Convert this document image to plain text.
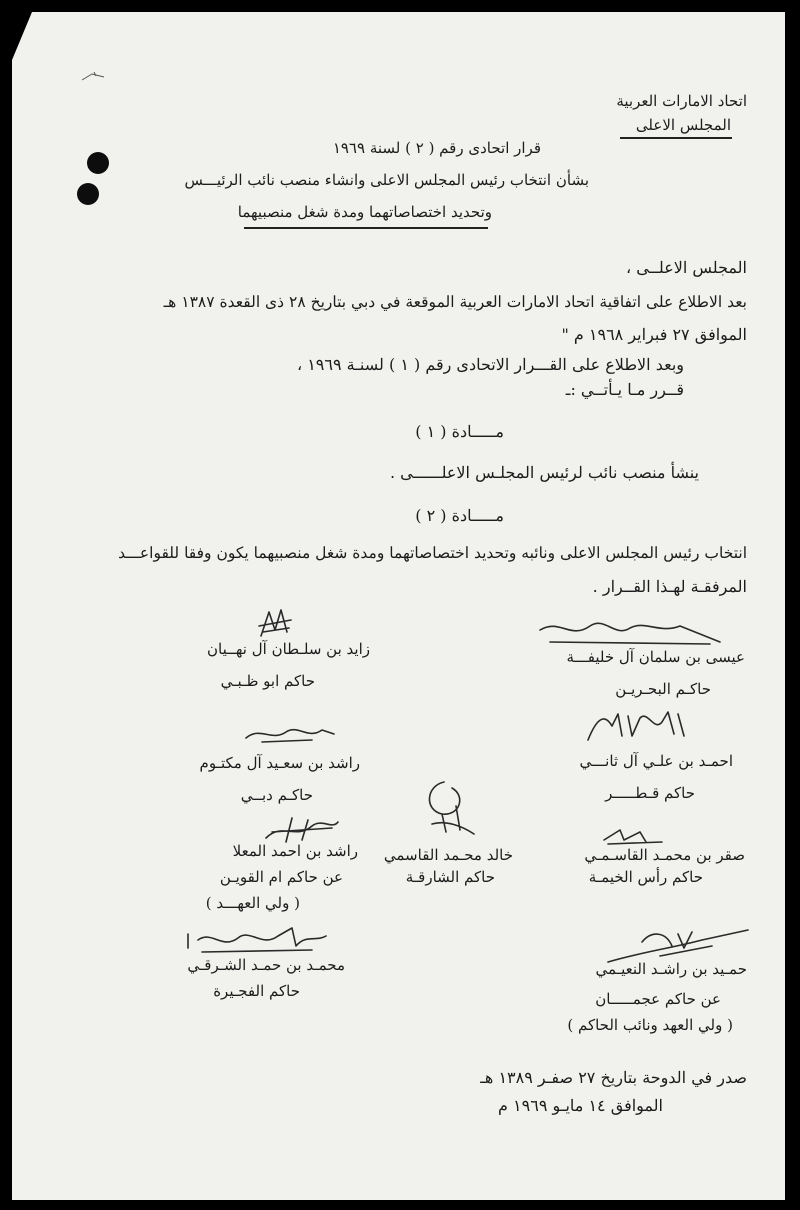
اتحاد الامارات العربية
المجلس الاعلى
قرار اتحادى رقم ( ٢ ) لسنة ١٩٦٩
بشأن انتخاب رئيس المجلس الاعلى وانشاء منصب نائب الرئيـــس
وتحديد اختصاصاتهما ومدة شغل منصبيهما
المجلس الاعلــى ،
بعد الاطلاع على اتفاقية اتحاد الامارات العربية الموقعة في دبي بتاريخ ٢٨ ذى القعدة ١٣٨٧ هـ
الموافق ٢٧ فبراير ١٩٦٨ م "
وبعد الاطلاع على القـــرار الاتحادى رقم ( ١ ) لسنـة ١٩٦٩ ،
قــرر مـا يـأتــي :ـ
مـــــادة ( ١ )
ينشأ منصب نائب لرئيس المجلـس الاعلــــــى .
مـــــادة ( ٢ )
انتخاب رئيس المجلس الاعلى ونائبه وتحديد اختصاصاتهما ومدة شغل منصبيهما يكون وفقا للقواعـــد
المرفقـة لهـذا القــرار .
عيسى بن سلمان آل خليفـــة
حاكـم البحـريـن
زايد بن سلـطان آل نهــيان
حاكم ابو ظـبـي
احمـد بن علـي آل ثانـــي
حاكم قـطـــــر
راشد بن سعـيد آل مكتـوم
حاكـم دبــي
صقر بن محمـد القاسـمـي
حاكم رأس الخيمـة
خالد محـمد القاسمي
حاكم الشارقـة
راشد بن احمد المعلا
عن حاكم ام القويـن
( ولي العهـــد )
حمـيد بن راشـد النعيـمي
عن حاكم عجمـــــان
( ولي العهد ونائب الحاكم )
محمـد بن حمـد الشـرقـي
حاكم الفجـيرة
صدر في الدوحة بتاريخ ٢٧ صفـر ١٣٨٩ هـ
الموافق ١٤ مايـو ١٩٦٩ م
